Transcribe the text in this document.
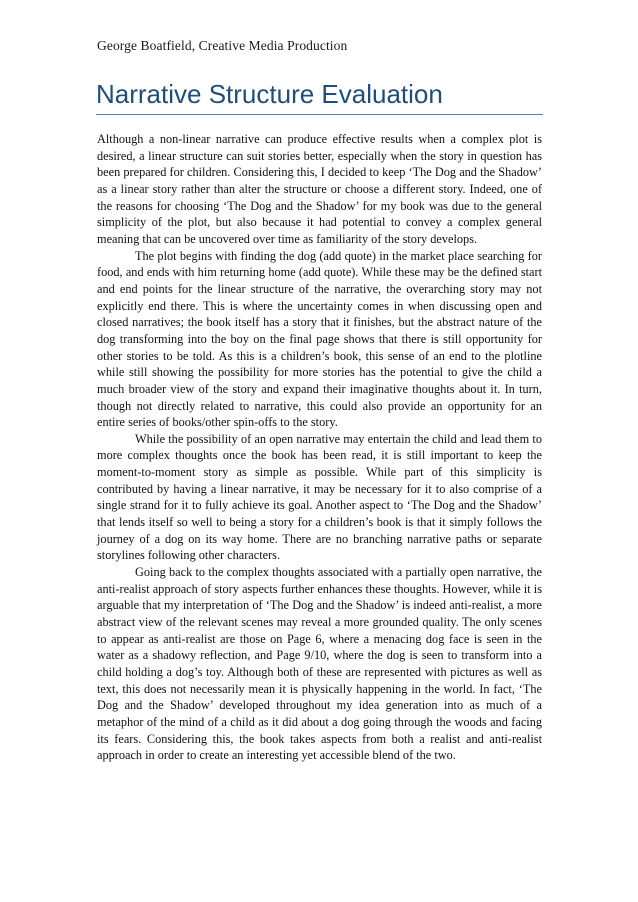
George Boatfield, Creative Media Production
Narrative Structure Evaluation

Although a non-linear narrative can produce effective results when a complex plot is desired, a linear structure can suit stories better, especially when the story in question has been prepared for children. Considering this, I decided to keep ‘The Dog and the Shadow’ as a linear story rather than alter the structure or choose a different story. Indeed, one of the reasons for choosing ‘The Dog and the Shadow’ for my book was due to the general simplicity of the plot, but also because it had potential to convey a complex general meaning that can be uncovered over time as familiarity of the story develops.

The plot begins with finding the dog (add quote) in the market place searching for food, and ends with him returning home (add quote). While these may be the defined start and end points for the linear structure of the narrative, the overarching story may not explicitly end there. This is where the uncertainty comes in when discussing open and closed narratives; the book itself has a story that it finishes, but the abstract nature of the dog transforming into the boy on the final page shows that there is still opportunity for other stories to be told. As this is a children’s book, this sense of an end to the plotline while still showing the possibility for more stories has the potential to give the child a much broader view of the story and expand their imaginative thoughts about it. In turn, though not directly related to narrative, this could also provide an opportunity for an entire series of books/other spin-offs to the story.

While the possibility of an open narrative may entertain the child and lead them to more complex thoughts once the book has been read, it is still important to keep the moment-to-moment story as simple as possible. While part of this simplicity is contributed by having a linear narrative, it may be necessary for it to also comprise of a single strand for it to fully achieve its goal. Another aspect to ‘The Dog and the Shadow’ that lends itself so well to being a story for a children’s book is that it simply follows the journey of a dog on its way home. There are no branching narrative paths or separate storylines following other characters.

Going back to the complex thoughts associated with a partially open narrative, the anti-realist approach of story aspects further enhances these thoughts. However, while it is arguable that my interpretation of ‘The Dog and the Shadow’ is indeed anti-realist, a more abstract view of the relevant scenes may reveal a more grounded quality. The only scenes to appear as anti-realist are those on Page 6, where a menacing dog face is seen in the water as a shadowy reflection, and Page 9/10, where the dog is seen to transform into a child holding a dog’s toy. Although both of these are represented with pictures as well as text, this does not necessarily mean it is physically happening in the world. In fact, ‘The Dog and the Shadow’ developed throughout my idea generation into as much of a metaphor of the mind of a child as it did about a dog going through the woods and facing its fears. Considering this, the book takes aspects from both a realist and anti-realist approach in order to create an interesting yet accessible blend of the two.
